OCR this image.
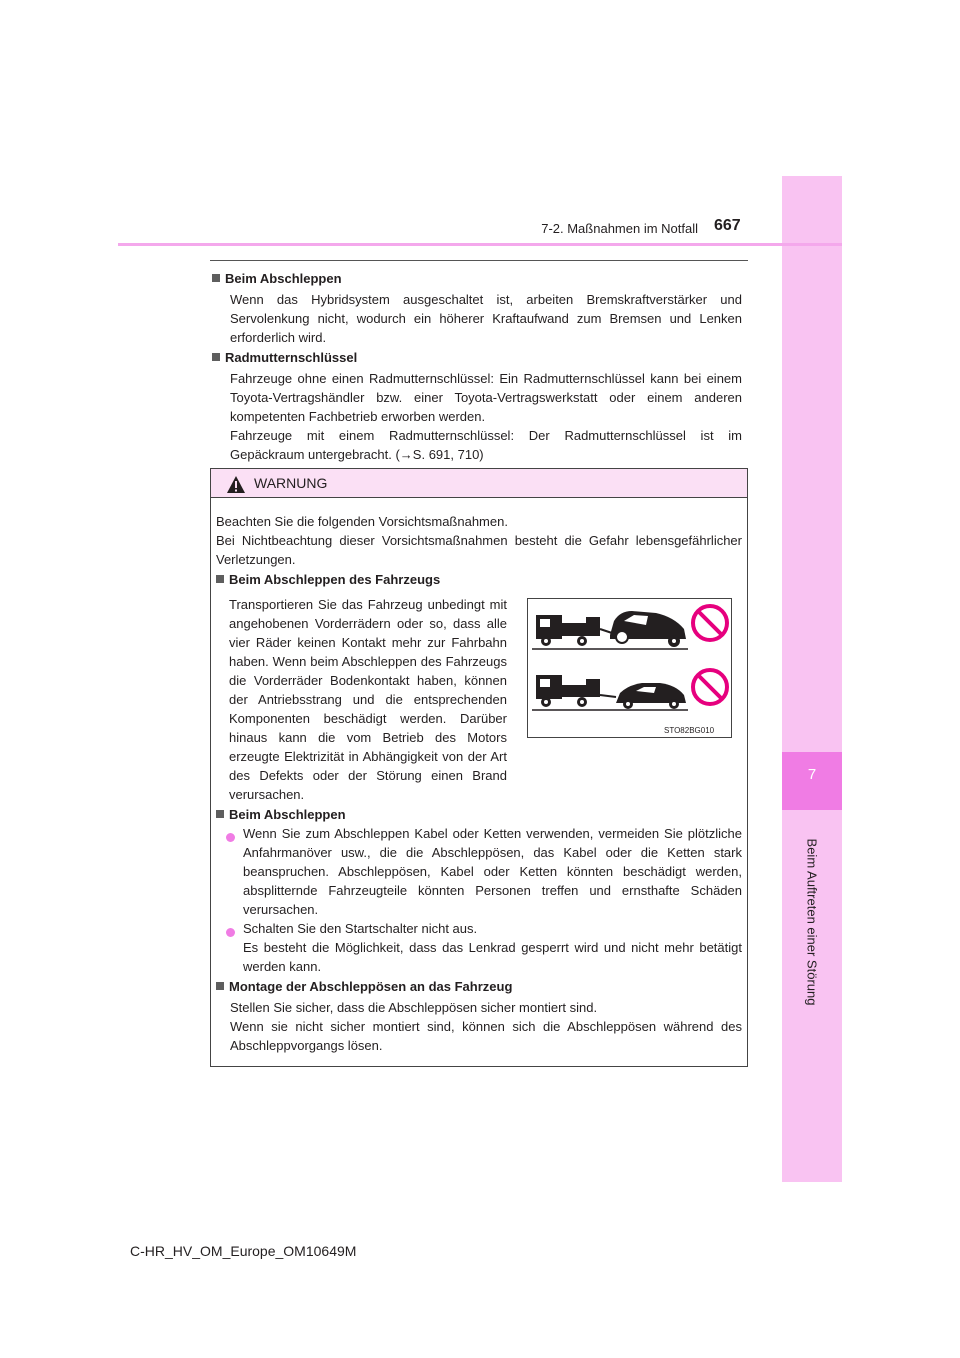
7
Beim Auftreten einer Störung
7-2. Maßnahmen im Notfall 667
Beim Abschleppen

Wenn das Hybridsystem ausgeschaltet ist, arbeiten Bremskraftverstärker und Servolenkung nicht, wodurch ein höherer Kraftaufwand zum Bremsen und Lenken erforderlich wird.

Radmutternschlüssel

Fahrzeuge ohne einen Radmutternschlüssel: Ein Radmutternschlüssel kann bei einem Toyota-Vertragshändler bzw. einer Toyota-Vertragswerkstatt oder einem anderen kompetenten Fachbetrieb erworben werden.

Fahrzeuge mit einem Radmutternschlüssel: Der Radmutternschlüssel ist im Gepäckraum untergebracht. (→S. 691, 710)

WARNUNG

Beachten Sie die folgenden Vorsichtsmaßnahmen.

Bei Nichtbeachtung dieser Vorsichtsmaßnahmen besteht die Gefahr lebensgefährlicher Verletzungen.

Beim Abschleppen des Fahrzeugs

Transportieren Sie das Fahrzeug unbedingt mit angehobenen Vorderrädern oder so, dass alle vier Räder keinen Kontakt mehr zur Fahrbahn haben. Wenn beim Abschleppen des Fahrzeugs die Vorderräder Bodenkontakt haben, können der Antriebsstrang und die entsprechenden Komponenten beschädigt werden. Darüber hinaus kann die vom Betrieb des Motors erzeugte Elektrizität in Abhängigkeit von der Art des Defekts oder der Störung einen Brand verursachen.

STO82BG010
Beim Abschleppen

Wenn Sie zum Abschleppen Kabel oder Ketten verwenden, vermeiden Sie plötzliche Anfahrmanöver usw., die die Abschleppösen, das Kabel oder die Ketten stark beanspruchen. Abschleppösen, Kabel oder Ketten könnten beschädigt werden, absplitternde Fahrzeugteile könnten Personen treffen und ernsthafte Schäden verursachen.

Schalten Sie den Startschalter nicht aus.

Es besteht die Möglichkeit, dass das Lenkrad gesperrt wird und nicht mehr betätigt werden kann.

Montage der Abschleppösen an das Fahrzeug

Stellen Sie sicher, dass die Abschleppösen sicher montiert sind.

Wenn sie nicht sicher montiert sind, können sich die Abschleppösen während des Abschleppvorgangs lösen.

C-HR_HV_OM_Europe_OM10649M
